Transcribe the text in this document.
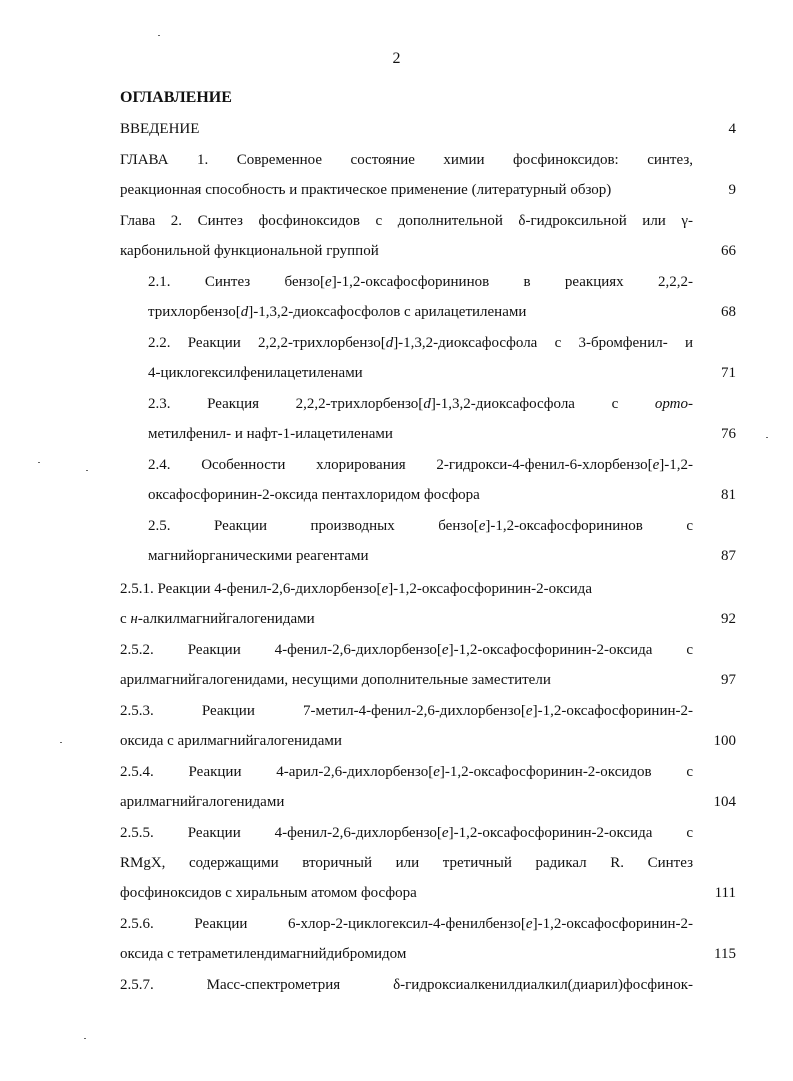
2
ОГЛАВЛЕНИЕ
ВВЕДЕНИЕ	4
ГЛАВА 1. Современное состояние химии фосфиноксидов: синтез,
реакционная способность и практическое применение (литературный обзор)	9
Глава 2. Синтез фосфиноксидов с дополнительной δ-гидроксильной или γ-
карбонильной функциональной группой	66
2.1. Синтез бензо[e]-1,2-оксафосфорининов в реакциях 2,2,2-
трихлорбензо[d]-1,3,2-диоксафосфолов с арилацетиленами	68
2.2. Реакции 2,2,2-трихлорбензо[d]-1,3,2-диоксафосфола с 3-бромфенил- и
4-циклогексилфенилацетиленами	71
2.3. Реакция 2,2,2-трихлорбензо[d]-1,3,2-диоксафосфола с орто-
метилфенил- и нафт-1-илацетиленами	76
2.4. Особенности хлорирования 2-гидрокси-4-фенил-6-хлорбензо[e]-1,2-
оксафосфоринин-2-оксида пентахлоридом фосфора	81
2.5. Реакции производных бензо[e]-1,2-оксафосфорининов с
магнийорганическими реагентами	87
2.5.1. Реакции 4-фенил-2,6-дихлорбензо[e]-1,2-оксафосфоринин-2-оксида
с н-алкилмагнийгалогенидами	92
2.5.2. Реакции 4-фенил-2,6-дихлорбензо[e]-1,2-оксафосфоринин-2-оксида с
арилмагнийгалогенидами, несущими дополнительные заместители	97
2.5.3. Реакции 7-метил-4-фенил-2,6-дихлорбензо[e]-1,2-оксафосфоринин-2-
оксида с арилмагнийгалогенидами	100
2.5.4. Реакции 4-арил-2,6-дихлорбензо[e]-1,2-оксафосфоринин-2-оксидов с
арилмагнийгалогенидами	104
2.5.5. Реакции 4-фенил-2,6-дихлорбензо[e]-1,2-оксафосфоринин-2-оксида с
RMgX, содержащими вторичный или третичный радикал R. Синтез
фосфиноксидов с хиральным атомом фосфора	111
2.5.6. Реакции 6-хлор-2-циклогексил-4-фенилбензо[e]-1,2-оксафосфоринин-2-
оксида с тетраметилендимагнийдибромидом	115
2.5.7. Масс-спектрометрия δ-гидроксиалкенилдиалкил(диарил)фосфинок-
